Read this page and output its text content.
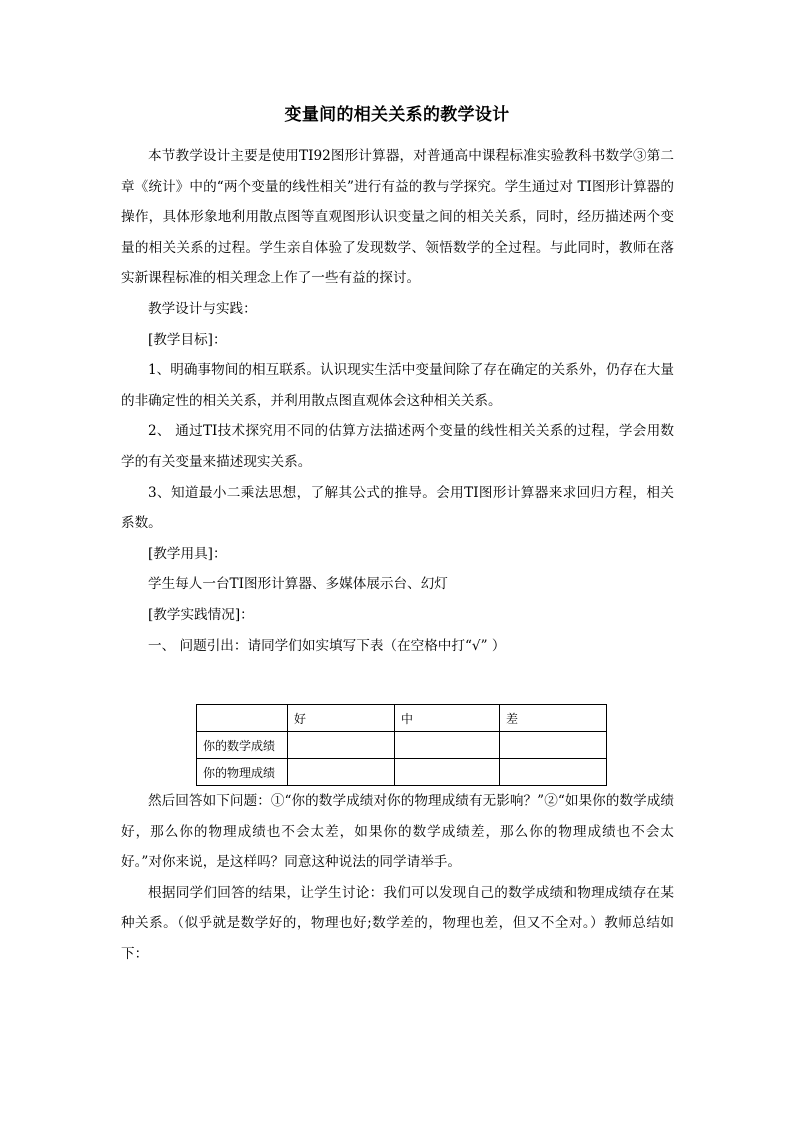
变量间的相关关系的教学设计

本节教学设计主要是使用TI92图形计算器，对普通高中课程标准实验教科书数学③第二章《统计》中的“两个变量的线性相关”进行有益的教与学探究。学生通过对 TI图形计算器的操作，具体形象地利用散点图等直观图形认识变量之间的相关关系，同时，经历描述两个变量的相关关系的过程。学生亲自体验了发现数学、领悟数学的全过程。与此同时，教师在落实新课程标准的相关理念上作了一些有益的探讨。

教学设计与实践：

[教学目标]：

1、明确事物间的相互联系。认识现实生活中变量间除了存在确定的关系外，仍存在大量的非确定性的相关关系，并利用散点图直观体会这种相关关系。

2、 通过TI技术探究用不同的估算方法描述两个变量的线性相关关系的过程，学会用数学的有关变量来描述现实关系。

3、知道最小二乘法思想，了解其公式的推导。会用TI图形计算器来求回归方程，相关系数。

[教学用具]：

学生每人一台TI图形计算器、多媒体展示台、幻灯

[教学实践情况]：

一、 问题引出：请同学们如实填写下表（在空格中打“√” ）

	好	中	差
你的数学成绩			
你的物理成绩			

然后回答如下问题：①“你的数学成绩对你的物理成绩有无影响？”②“如果你的数学成绩好，那么你的物理成绩也不会太差，如果你的数学成绩差，那么你的物理成绩也不会太好。”对你来说，是这样吗？同意这种说法的同学请举手。

根据同学们回答的结果，让学生讨论：我们可以发现自己的数学成绩和物理成绩存在某种关系。（似乎就是数学好的，物理也好;数学差的，物理也差，但又不全对。）教师总结如下：
